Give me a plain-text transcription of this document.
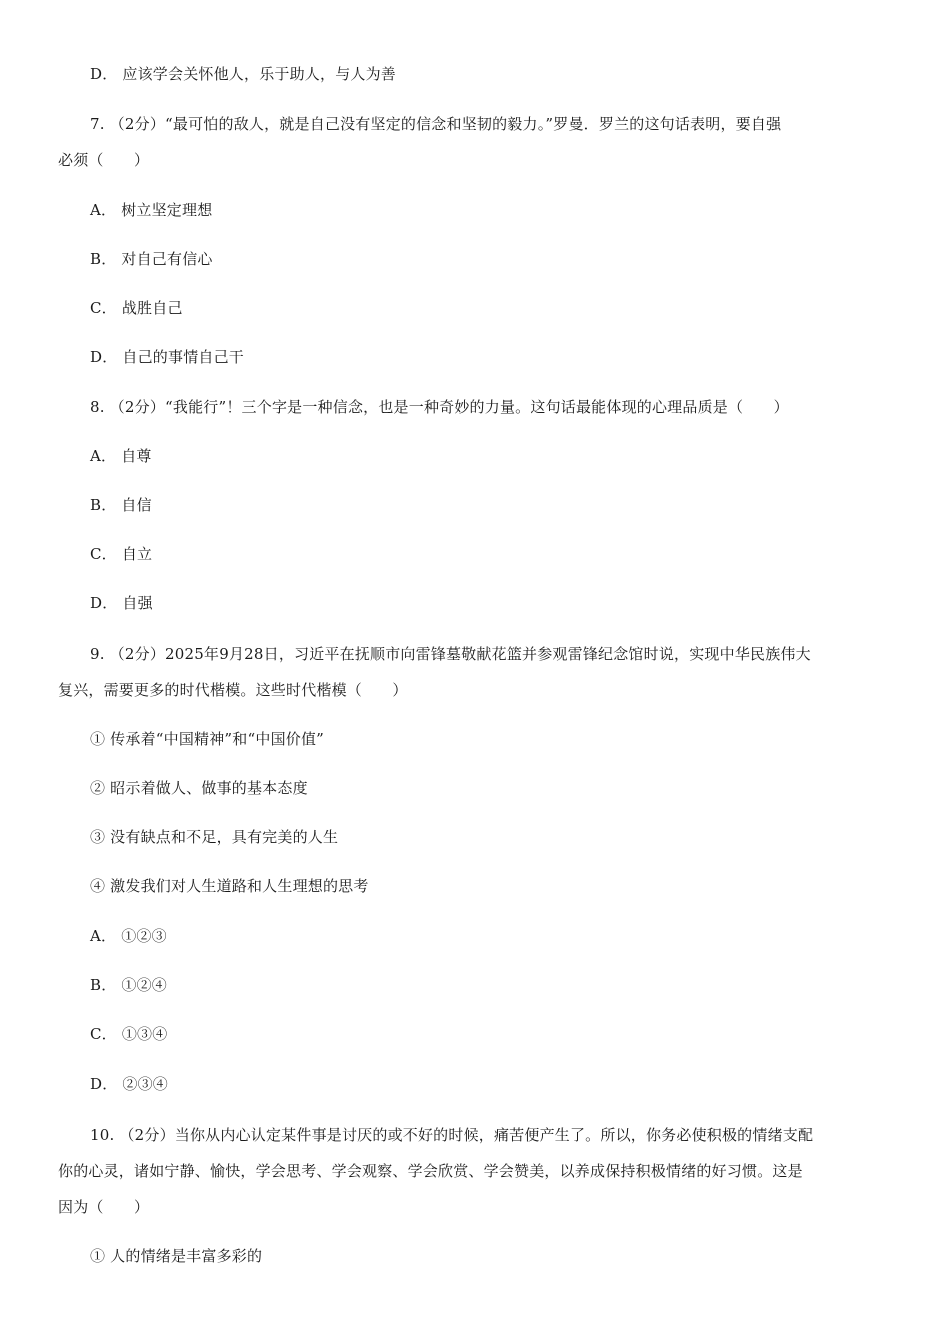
D． 应该学会关怀他人，乐于助人，与人为善
7. （2分）“最可怕的敌人，就是自己没有坚定的信念和坚韧的毅力。”罗曼．罗兰的这句话表明，要自强
必须（　　）
A． 树立坚定理想
B． 对自己有信心
C． 战胜自己
D． 自己的事情自己干
8. （2分）“我能行”！三个字是一种信念，也是一种奇妙的力量。这句话最能体现的心理品质是（　　）
A． 自尊
B． 自信
C． 自立
D． 自强
9. （2分）2025年9月28日，习近平在抚顺市向雷锋墓敬献花篮并参观雷锋纪念馆时说，实现中华民族伟大
复兴，需要更多的时代楷模。这些时代楷模（　　）
① 传承着“中国精神”和“中国价值”
② 昭示着做人、做事的基本态度
③ 没有缺点和不足，具有完美的人生
④ 激发我们对人生道路和人生理想的思考
A． ①②③
B． ①②④
C． ①③④
D． ②③④
10. （2分）当你从内心认定某件事是讨厌的或不好的时候，痛苦便产生了。所以，你务必使积极的情绪支配
你的心灵，诸如宁静、愉快，学会思考、学会观察、学会欣赏、学会赞美，以养成保持积极情绪的好习惯。这是
因为（　　）
① 人的情绪是丰富多彩的
